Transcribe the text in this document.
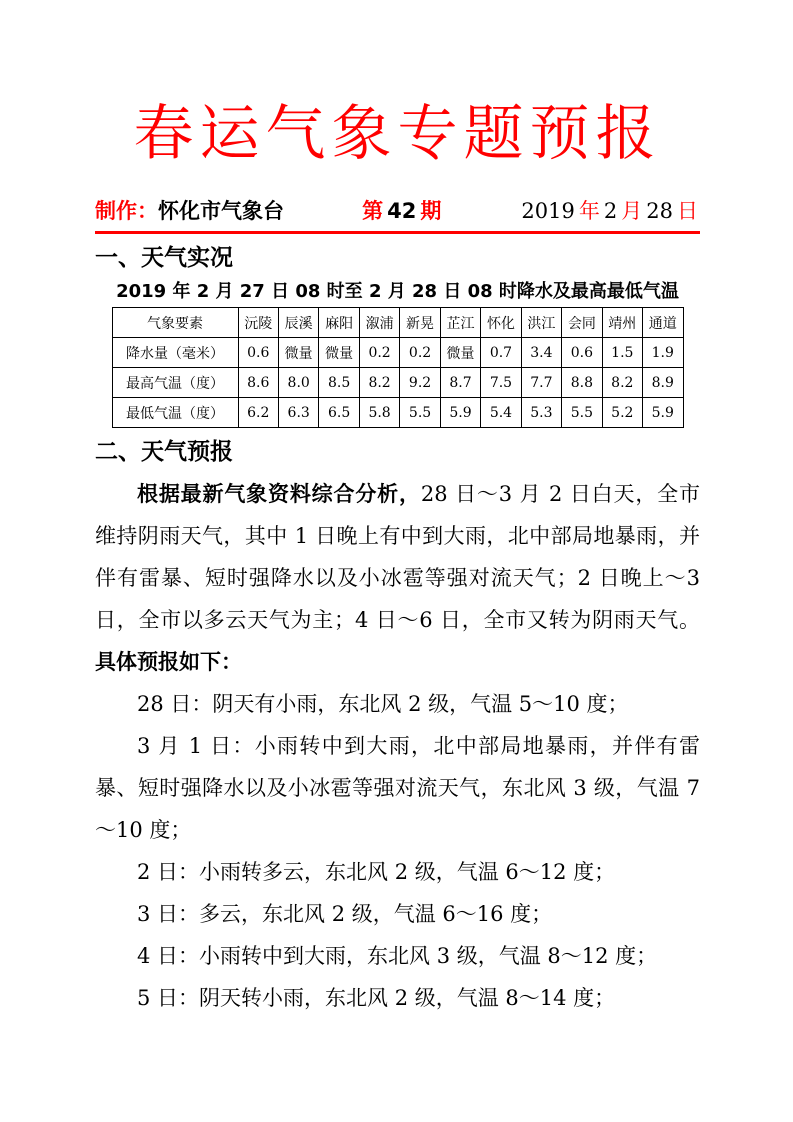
春运气象专题预报
制作：怀化市气象台	第 42 期	2019 年 2 月 28 日
一、天气实况
2019 年 2 月 27 日 08 时至 2 月 28 日 08 时降水及最高最低气温
气象要素	沅陵	辰溪	麻阳	溆浦	新晃	芷江	怀化	洪江	会同	靖州	通道
降水量（毫米）	0.6	微量	微量	0.2	0.2	微量	0.7	3.4	0.6	1.5	1.9
最高气温（度）	8.6	8.0	8.5	8.2	9.2	8.7	7.5	7.7	8.8	8.2	8.9
最低气温（度）	6.2	6.3	6.5	5.8	5.5	5.9	5.4	5.3	5.5	5.2	5.9
二、天气预报

根据最新气象资料综合分析，28 日～3 月 2 日白天，全市维持阴雨天气，其中 1 日晚上有中到大雨，北中部局地暴雨，并伴有雷暴、短时强降水以及小冰雹等强对流天气；2 日晚上～3 日，全市以多云天气为主；4 日～6 日，全市又转为阴雨天气。具体预报如下：

28 日：阴天有小雨，东北风 2 级，气温 5～10 度；

3 月 1 日：小雨转中到大雨，北中部局地暴雨，并伴有雷暴、短时强降水以及小冰雹等强对流天气，东北风 3 级，气温 7～10 度；

2 日：小雨转多云，东北风 2 级，气温 6～12 度；

3 日：多云，东北风 2 级，气温 6～16 度；

4 日：小雨转中到大雨，东北风 3 级，气温 8～12 度；

5 日：阴天转小雨，东北风 2 级，气温 8～14 度；
